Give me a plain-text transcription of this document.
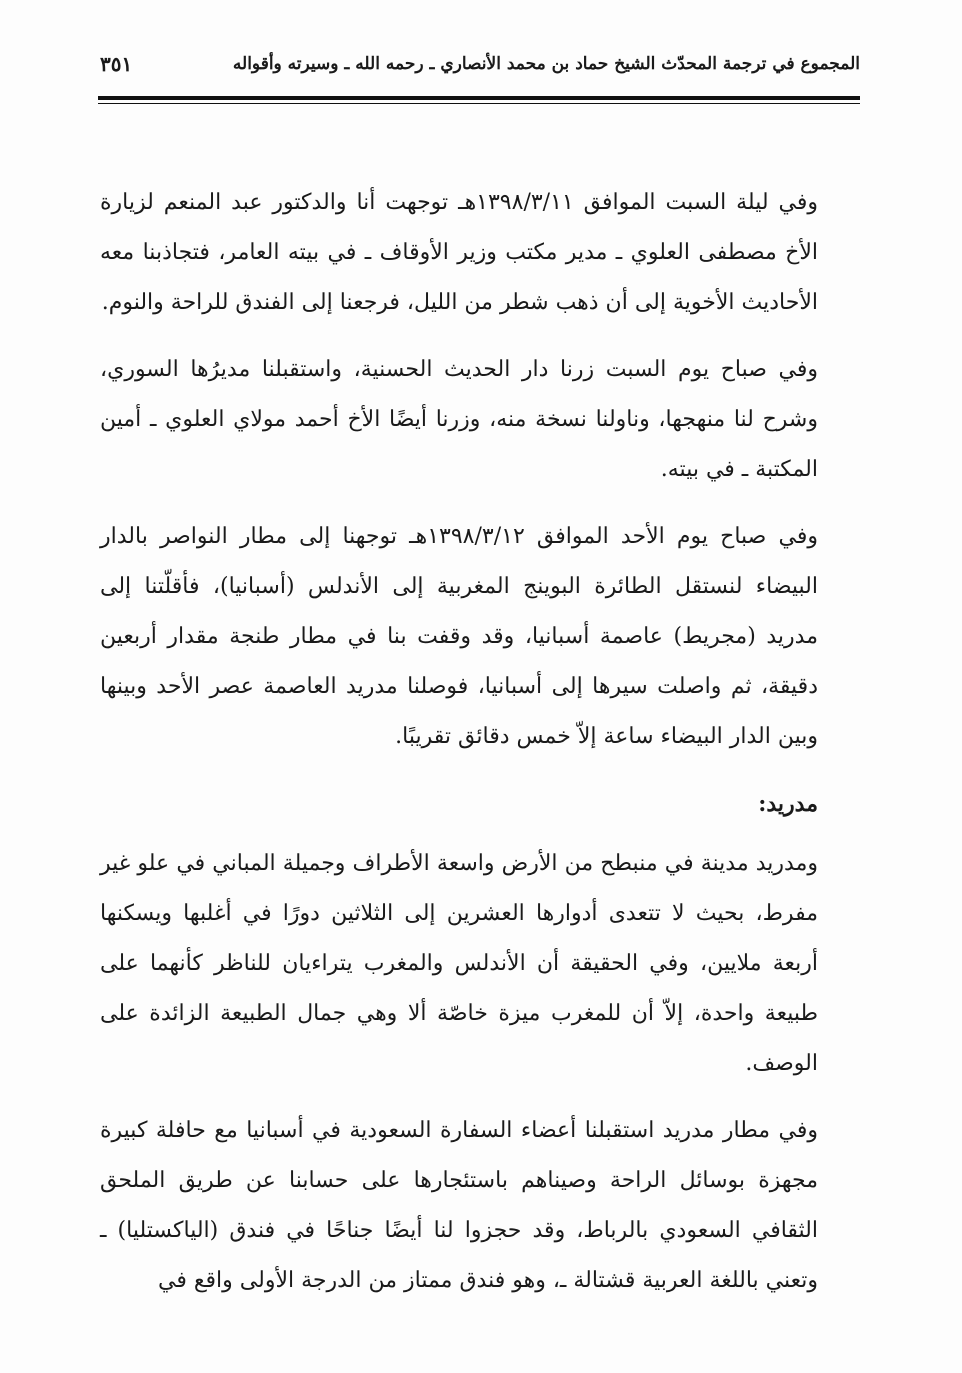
المجموع في ترجمة المحدّث الشيخ حماد بن محمد الأنصاري ـ رحمه الله ـ وسيرته وأقواله
٣٥١

وفي ليلة السبت الموافق ١٣٩٨/٣/١١هـ توجهت أنا والدكتور عبد المنعم لزيارة الأخ مصطفى العلوي ـ مدير مكتب وزير الأوقاف ـ في بيته العامر، فتجاذبنا معه الأحاديث الأخوية إلى أن ذهب شطر من الليل، فرجعنا إلى الفندق للراحة والنوم.

وفي صباح يوم السبت زرنا دار الحديث الحسنية، واستقبلنا مديرُها السوري، وشرح لنا منهجها، وناولنا نسخة منه، وزرنا أيضًا الأخ أحمد مولاي العلوي ـ أمين المكتبة ـ في بيته.

وفي صباح يوم الأحد الموافق ١٣٩٨/٣/١٢هـ توجهنا إلى مطار النواصر بالدار البيضاء لنستقل الطائرة البوينج المغربية إلى الأندلس (أسبانيا)، فأقلّتنا إلى مدريد (مجريط) عاصمة أسبانيا، وقد وقفت بنا في مطار طنجة مقدار أربعين دقيقة، ثم واصلت سيرها إلى أسبانيا، فوصلنا مدريد العاصمة عصر الأحد وبينها وبين الدار البيضاء ساعة إلاّ خمس دقائق تقريبًا.

مدريد:

ومدريد مدينة في منبطح من الأرض واسعة الأطراف وجميلة المباني في علو غير مفرط، بحيث لا تتعدى أدوارها العشرين إلى الثلاثين دورًا في أغلبها ويسكنها أربعة ملايين، وفي الحقيقة أن الأندلس والمغرب يتراءيان للناظر كأنهما على طبيعة واحدة، إلاّ أن للمغرب ميزة خاصّة ألا وهي جمال الطبيعة الزائدة على الوصف.

وفي مطار مدريد استقبلنا أعضاء السفارة السعودية في أسبانيا مع حافلة كبيرة مجهزة بوسائل الراحة وصيناهم باستئجارها على حسابنا عن طريق الملحق الثقافي السعودي بالرباط، وقد حجزوا لنا أيضًا جناحًا في فندق (الياكستليا) ـ وتعني باللغة العربية قشتالة ـ، وهو فندق ممتاز من الدرجة الأولى واقع في
